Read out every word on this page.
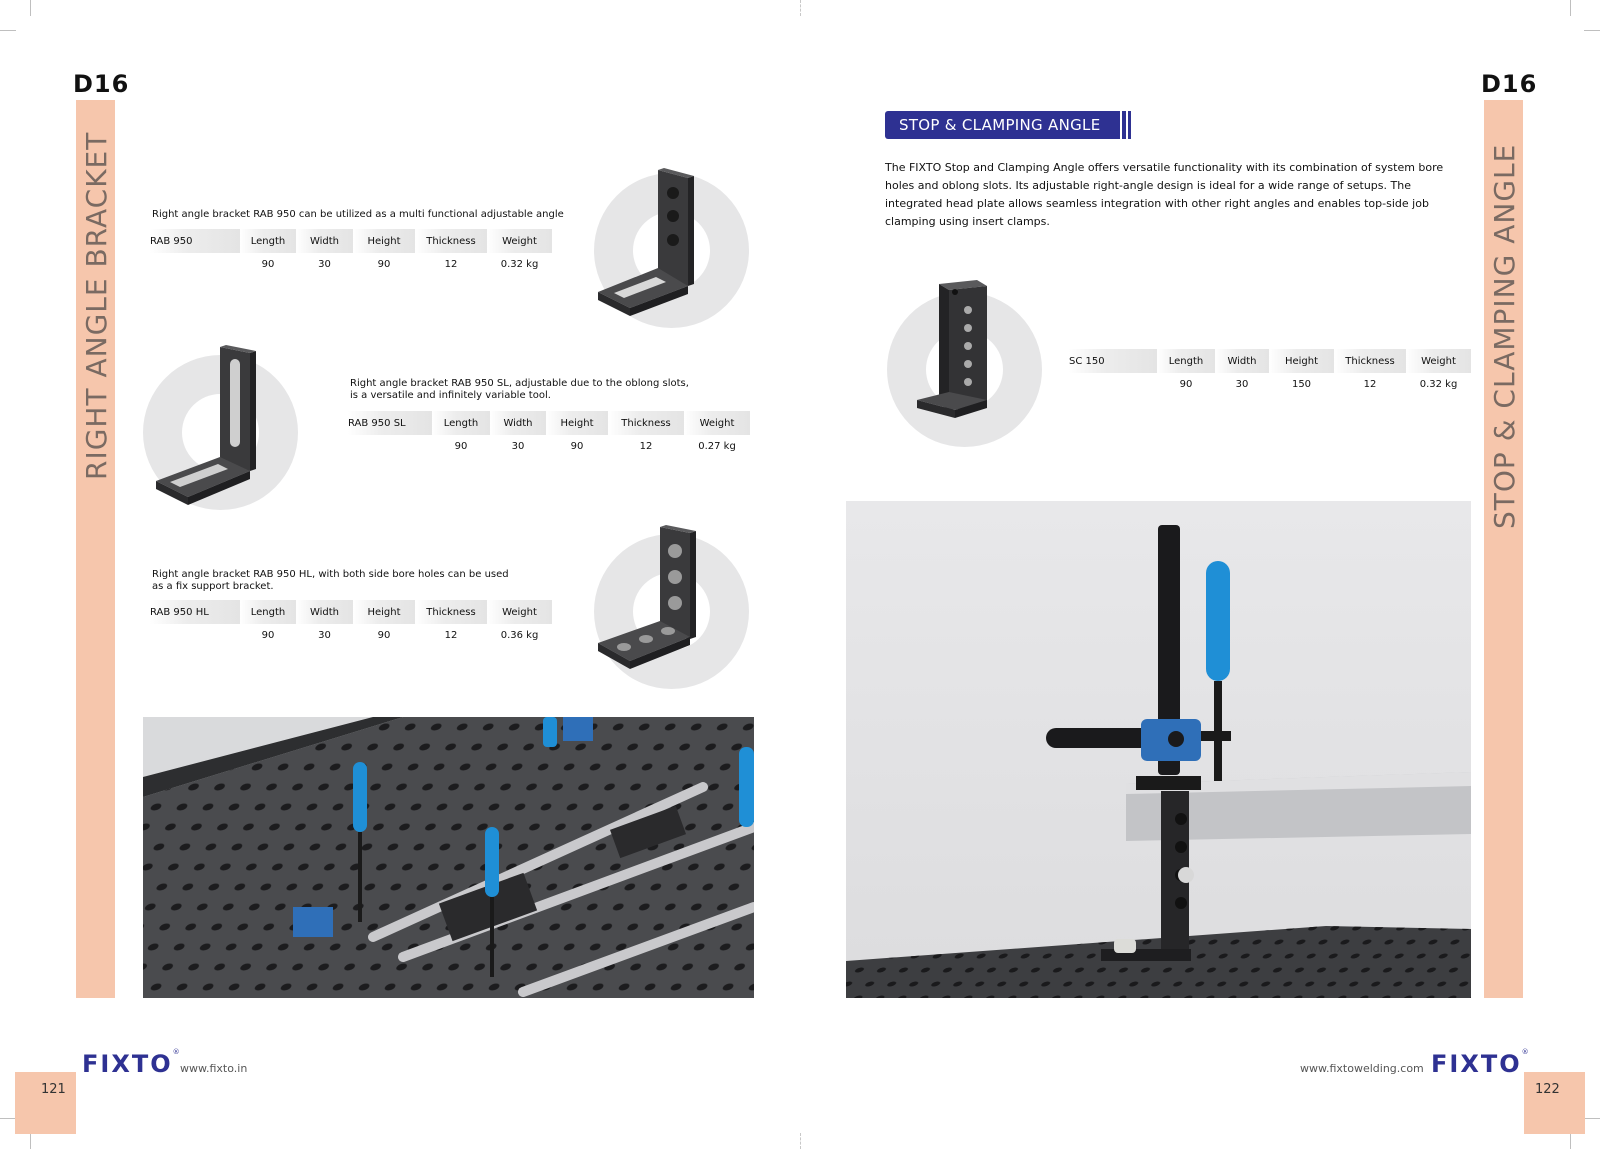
D16
RIGHT ANGLE BRACKET	Right angle bracket RAB 950 can be utilized as a multi functional adjustable angle
RAB 950	Length	Width	Height	Thickness	Weight
	90	30	90	12	0.32 kg
Right angle bracket RAB 950 SL, adjustable due to the oblong slots,
is a versatile and infinitely variable tool.
RAB 950 SL	Length	Width	Height	Thickness	Weight
	90	30	90	12	0.27 kg
Right angle bracket RAB 950 HL, with both side bore holes can be used
as a fix support bracket.
RAB 950 HL	Length	Width	Height	Thickness	Weight
	90	30	90	12	0.36 kg
FIXTO®
www.fixto.in
121
D16
STOP & CLAMPING ANGLE
STOP & CLAMPING ANGLE
The FIXTO Stop and Clamping Angle offers versatile functionality with its combination of system bore holes and oblong slots. Its adjustable right-angle design is ideal for a wide range of setups. The integrated head plate allows seamless integration with other right angles and enables top-side job clamping using insert clamps.
SC 150	Length	Width	Height	Thickness	Weight
	90	30	150	12	0.32 kg
www.fixtowelding.com FIXTO®
122
